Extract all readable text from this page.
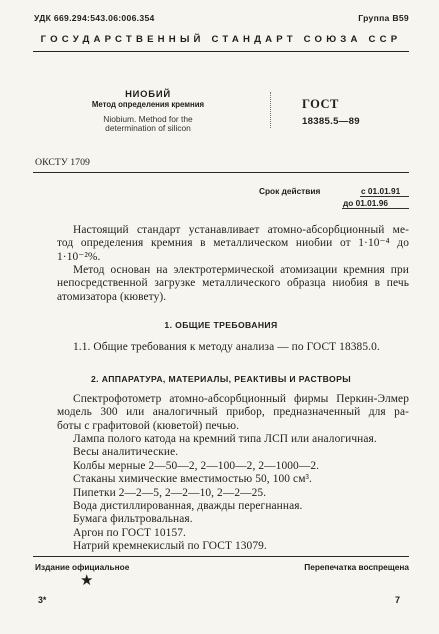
УДК 669.294:543.06:006.354	Группа В59
ГОСУДАРСТВЕННЫЙ СТАНДАРТ СОЮЗА ССР
НИОБИЙ
Метод определения кремния
Niobium. Method for the
determination of silicon
ГОСТ
18385.5—89
ОКСТУ 1709
Срок действия	с 01.01.91
до 01.01.96
Настоящий стандарт устанавливает атомно-абсорбционный ме-
тод определения кремния в металлическом ниобии от 1·10⁻⁴ до
1·10⁻²%.
Метод основан на электротермической атомизации кремния при
непосредственной загрузке металлического образца ниобия в печь
атомизатора (кювету).
1. ОБЩИЕ ТРЕБОВАНИЯ
1.1. Общие требования к методу анализа — по ГОСТ 18385.0.
2. АППАРАТУРА, МАТЕРИАЛЫ, РЕАКТИВЫ И РАСТВОРЫ
Спектрофотометр атомно-абсорбционный фирмы Перкин-Элмер
модель 300 или аналогичный прибор, предназначенный для ра-
боты с графитовой (кюветой) печью.
Лампа полого катода на кремний типа ЛСП или аналогичная.
Весы аналитические.
Колбы мерные 2—50—2, 2—100—2, 2—1000—2.
Стаканы химические вместимостью 50, 100 см³.
Пипетки 2—2—5, 2—2—10, 2—2—25.
Вода дистиллированная, дважды перегнанная.
Бумага фильтровальная.
Аргон по ГОСТ 10157.
Натрий кремнекислый по ГОСТ 13079.
Издание официальное	Перепечатка воспрещена
★
3*	7
